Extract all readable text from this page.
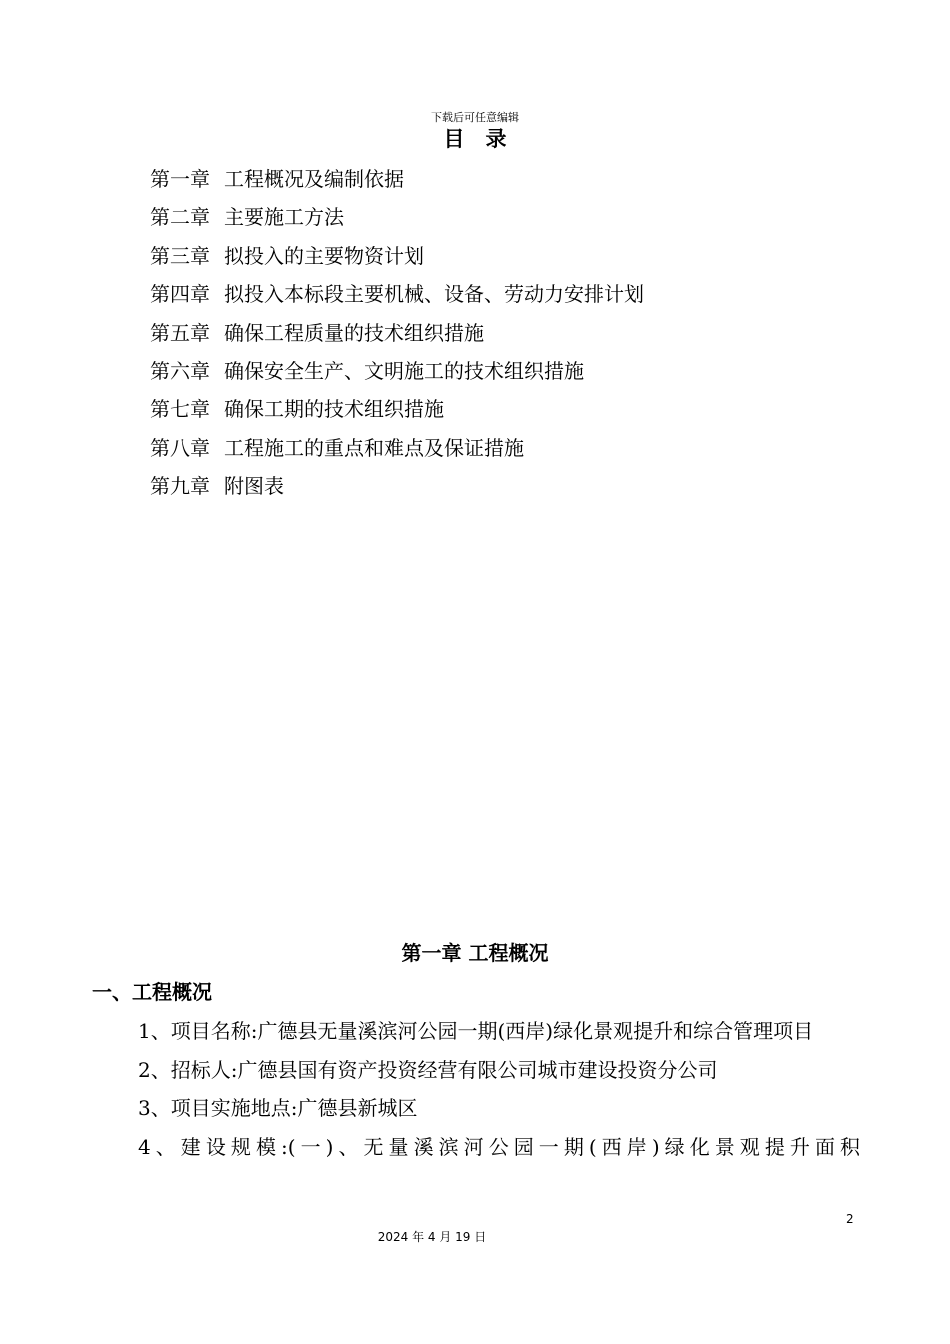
下载后可任意编辑
目　录
第一章 工程概况及编制依据
第二章 主要施工方法
第三章 拟投入的主要物资计划
第四章 拟投入本标段主要机械、设备、劳动力安排计划
第五章 确保工程质量的技术组织措施
第六章 确保安全生产、文明施工的技术组织措施
第七章 确保工期的技术组织措施
第八章 工程施工的重点和难点及保证措施
第九章 附图表
第一章 工程概况
一、工程概况

1、项目名称:广德县无量溪滨河公园一期(西岸)绿化景观提升和综合管理项目

2、招标人:广德县国有资产投资经营有限公司城市建设投资分公司

3、项目实施地点:广德县新城区

4、建设规模:(一)、无量溪滨河公园一期(西岸)绿化景观提升面积

2
2024 年 4 月 19 日
